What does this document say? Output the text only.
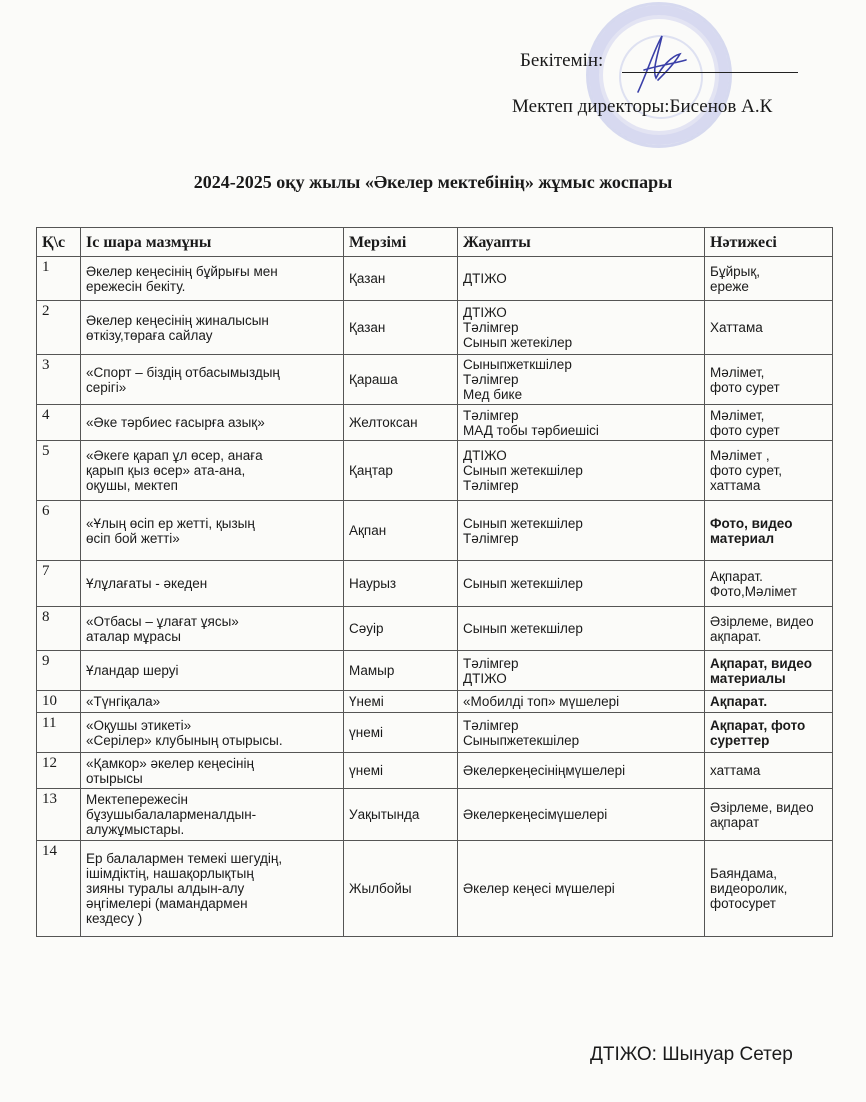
Бекітемін:
Мектеп директоры:Бисенов А.К
2024-2025 оқу жылы «Әкелер мектебінің» жұмыс жоспары
Қ\с	Іс шара мазмұны	Мерзімі	Жауапты	Нәтижесі
1	Әкелер кеңесінің бұйрығы мен
ережесін бекіту.	Қазан	ДТІЖО	Бұйрық,
ереже

2	Әкелер кеңесінің жиналысын
өткізу,төраға сайлау	Қазан	ДТІЖО
Тәлімгер
Сынып жетекілер	Хаттама

3	«Спорт – біздің отбасымыздың
серігі»	Қараша	Сыныпжеткшілер
Тәлімгер
Мед бике	Мәлімет,
фото сурет

4	«Әке тәрбиес ғасырға азық»	Желтоксан	Тәлімгер
МАД тобы тәрбиешісі	Мәлімет,
фото сурет

5	«Әкеге қарап ұл өсер, анаға
қарып қыз өсер» ата-ана,
оқушы, мектеп	Қаңтар	ДТІЖО
Сынып жетекшілер
Тәлімгер	Мәлімет ,
фото сурет,
хаттама

6	«Ұлың өсіп ер жетті, қызың
өсіп бой жетті»	Ақпан	Сынып жетекшілер
Тәлімгер	Фото, видео
материал

7	Ұлұлағаты - әкеден	Наурыз	Сынып жетекшілер	Ақпарат.
Фото,Мәлімет

8	«Отбасы – ұлағат ұясы»
аталар мұрасы	Сәуір	Сынып жетекшілер	Әзірлеме, видео
ақпарат.

9	Ұландар шеруі	Мамыр	Тәлімгер
ДТІЖО	Ақпарат, видео
материалы

10	«Түнгіқала»	Үнемі	«Мобилді топ» мүшелері	Ақпарат.

11	«Оқушы этикеті»
«Серілер» клубының отырысы.	үнемі	Тәлімгер
Сыныпжетекшілер	Ақпарат, фото
суреттер

12	«Қамкор» әкелер кеңесінің
отырысы	үнемі	Әкелеркеңесініңмүшелері	хаттама

13	Мектепережесін
бұзушыбалаларменалдын-
алужұмыстары.	Уақытында	Әкелеркеңесімүшелері	Әзірлеме, видео
ақпарат

14	Ер балалармен темекі шегудің,
ішімдіктің, нашақорлықтың
зияны туралы алдын-алу
әңгімелері (мамандармен
кездесу )	Жылбойы	Әкелер кеңесі мүшелері	Баяндама,
видеоролик,
фотосурет
ДТІЖО: Шынуар Сетер
